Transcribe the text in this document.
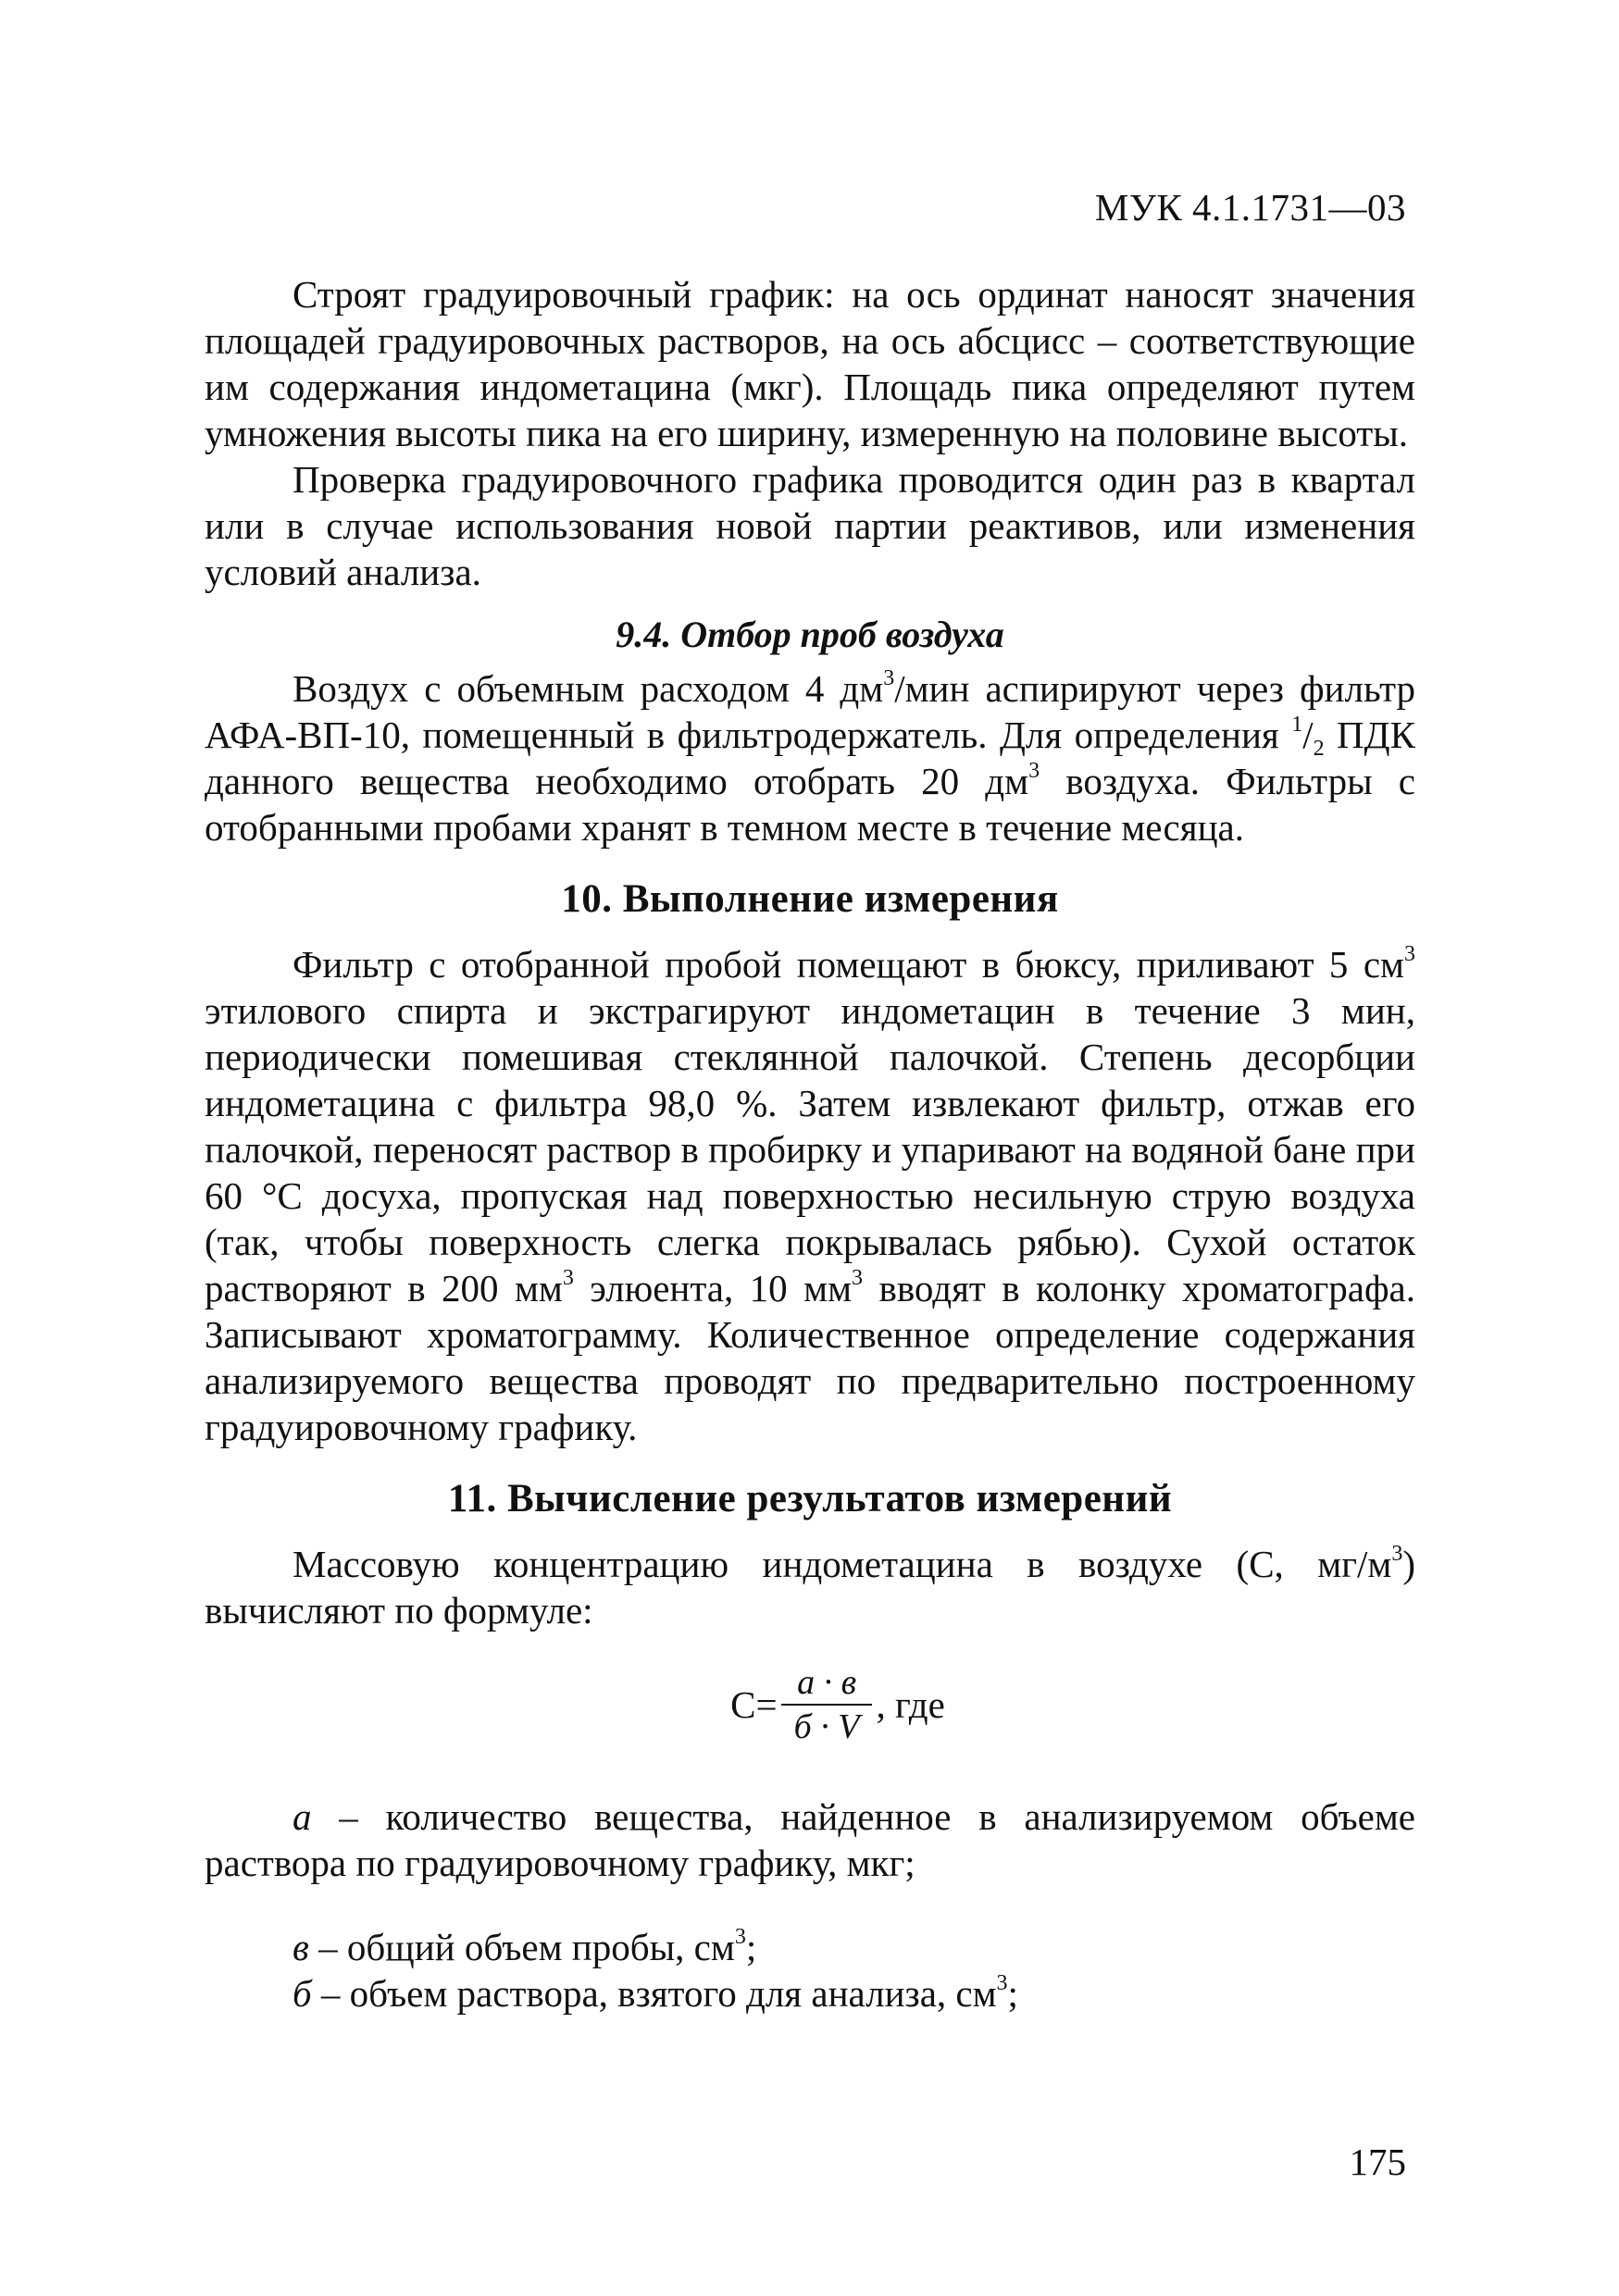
МУК 4.1.1731—03

Строят градуировочный график: на ось ординат наносят значения площадей градуировочных растворов, на ось абсцисс – соответствующие им содержания индометацина (мкг). Площадь пика определяют путем умножения высоты пика на его ширину, измеренную на половине высоты.

Проверка градуировочного графика проводится один раз в квартал или в случае использования новой партии реактивов, или изменения условий анализа.

9.4. Отбор проб воздуха

Воздух с объемным расходом 4 $дм^3$/мин аспирируют через фильтр АФА-ВП-10, помещенный в фильтродержатель. Для определения $^1/_2$ ПДК данного вещества необходимо отобрать 20 $дм^3$ воздуха. Фильтры с отобранными пробами хранят в темном месте в течение месяца.

10. Выполнение измерения

Фильтр с отобранной пробой помещают в бюксу, приливают 5 $см^3$ этилового спирта и экстрагируют индометацин в течение 3 мин, периодически помешивая стеклянной палочкой. Степень десорбции индометацина с фильтра 98,0 %. Затем извлекают фильтр, отжав его палочкой, переносят раствор в пробирку и упаривают на водяной бане при 60 °С досуха, пропуская над поверхностью несильную струю воздуха (так, чтобы поверхность слегка покрывалась рябью). Сухой остаток растворяют в 200 $мм^3$ элюента, 10 $мм^3$ вводят в колонку хроматографа. Записывают хроматограмму. Количественное определение содержания анализируемого вещества проводят по предварительно построенному градуировочному графику.

11. Вычисление результатов измерений

Массовую концентрацию индометацина в воздухе (С, $мг/м^3$) вычисляют по формуле:

$С= \frac{а \cdot в}{б \cdot V}$ , где

а – количество вещества, найденное в анализируемом объеме раствора по градуировочному графику, мкг;

в – общий объем пробы, $см^3$;

б – объем раствора, взятого для анализа, $см^3$;

175
